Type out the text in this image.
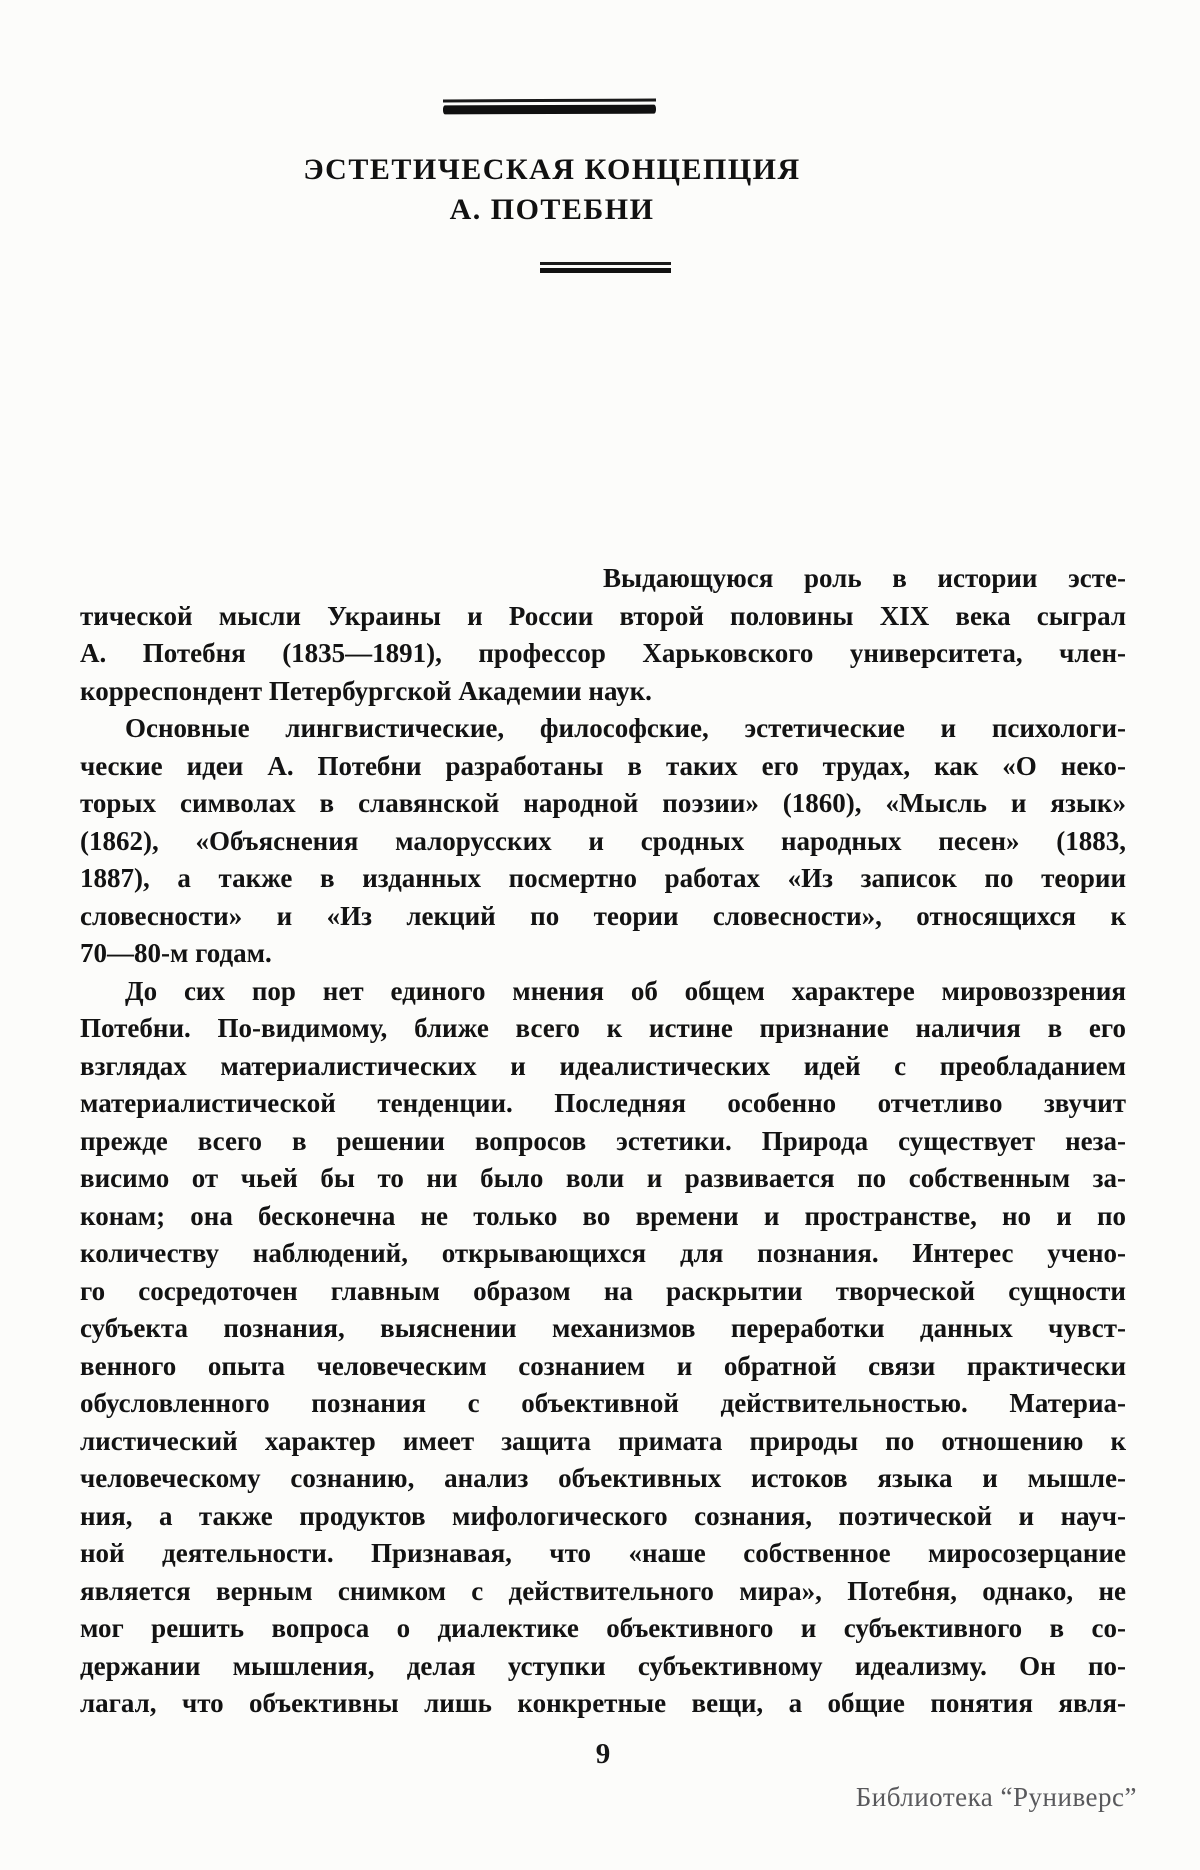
ЭСТЕТИЧЕСКАЯ КОНЦЕПЦИЯ
А. ПОТЕБНИ
Выдающуюся роль в истории эсте-
тической мысли Украины и России второй половины XIX века сыграл
А. Потебня (1835—1891), профессор Харьковского университета, член-
корреспондент Петербургской Академии наук.
Основные лингвистические, философские, эстетические и психологи-
ческие идеи А. Потебни разработаны в таких его трудах, как «О неко-
торых символах в славянской народной поэзии» (1860), «Мысль и язык»
(1862), «Объяснения малорусских и сродных народных песен» (1883,
1887), а также в изданных посмертно работах «Из записок по теории
словесности» и «Из лекций по теории словесности», относящихся к
70—80-м годам.
До сих пор нет единого мнения об общем характере мировоззрения
Потебни. По-видимому, ближе всего к истине признание наличия в его
взглядах материалистических и идеалистических идей с преобладанием
материалистической тенденции. Последняя особенно отчетливо звучит
прежде всего в решении вопросов эстетики. Природа существует неза-
висимо от чьей бы то ни было воли и развивается по собственным за-
конам; она бесконечна не только во времени и пространстве, но и по
количеству наблюдений, открывающихся для познания. Интерес учено-
го сосредоточен главным образом на раскрытии творческой сущности
субъекта познания, выяснении механизмов переработки данных чувст-
венного опыта человеческим сознанием и обратной связи практически
обусловленного познания с объективной действительностью. Материа-
листический характер имеет защита примата природы по отношению к
человеческому сознанию, анализ объективных истоков языка и мышле-
ния, а также продуктов мифологического сознания, поэтической и науч-
ной деятельности. Признавая, что «наше собственное миросозерцание
является верным снимком с действительного мира», Потебня, однако, не
мог решить вопроса о диалектике объективного и субъективного в со-
держании мышления, делая уступки субъективному идеализму. Он по-
лагал, что объективны лишь конкретные вещи, а общие понятия явля-
9
Библиотека “Руниверс”
